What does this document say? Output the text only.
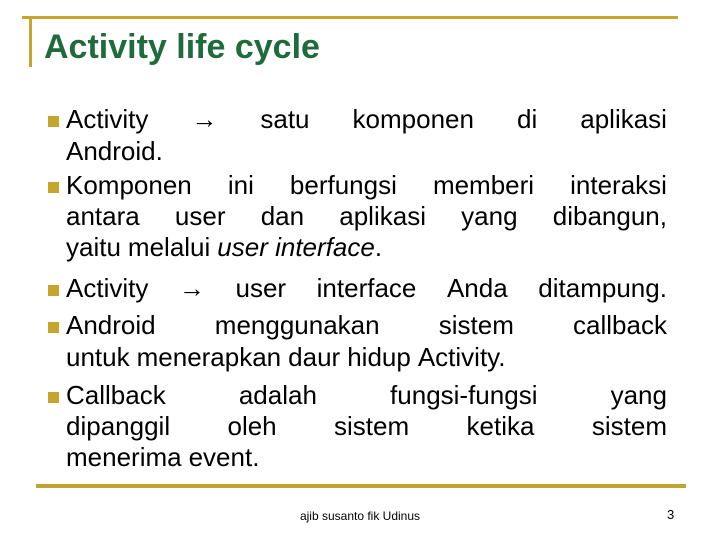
Activity life cycle
Activity → satu komponen di aplikasi
Android.
Komponen ini berfungsi memberi interaksi
antara user dan aplikasi yang dibangun,
yaitu melalui user interface .
Activity → user interface Anda ditampung.
Android menggunakan sistem callback
untuk menerapkan daur hidup Activity.
Callback	adalah	fungsi-fungsi	yang
dipanggil oleh sistem ketika sistem
menerima event.
ajib susanto fik Udinus	3
